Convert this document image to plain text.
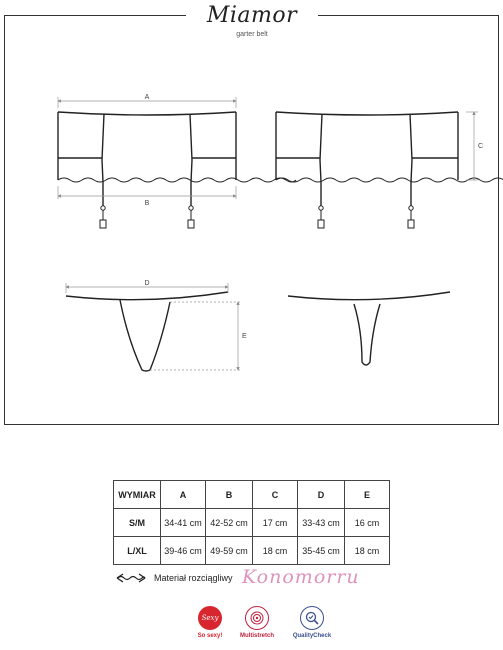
Miamor
garter belt
A
B
C
D
E
WYMIAR	A	B	C	D	E
S/M	34-41 cm	42-52 cm	17 cm	33-43 cm	16 cm
L/XL	39-46 cm	49-59 cm	18 cm	35-45 cm	18 cm
Materiał rozciągliwy Konomorru
Sexy
So sexy!	Multistretch	QualityCheck
